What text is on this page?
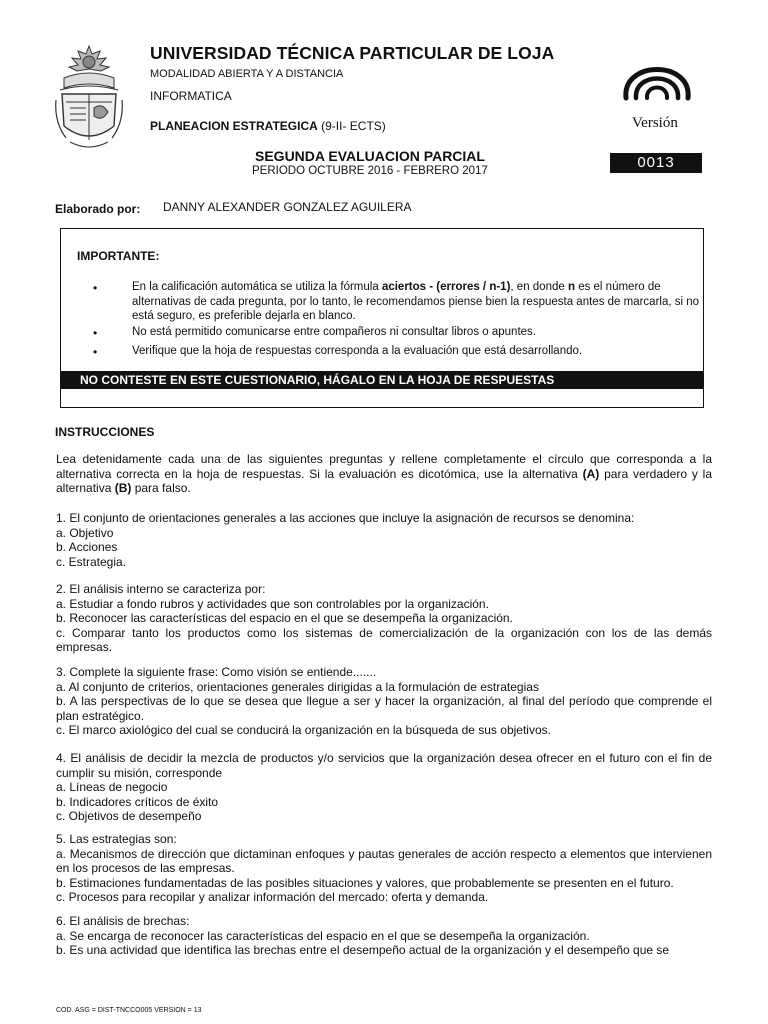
UNIVERSIDAD TÉCNICA PARTICULAR DE LOJA
MODALIDAD ABIERTA Y A DISTANCIA
INFORMATICA
PLANEACION ESTRATEGICA (9-II- ECTS)	Versión
0013
SEGUNDA EVALUACION PARCIAL
PERIODO OCTUBRE 2016 - FEBRERO 2017
Elaborado por: DANNY ALEXANDER GONZALEZ AGUILERA
IMPORTANTE:
•	En la calificación automática se utiliza la fórmula aciertos - (errores / n-1), en donde n es el número de alternativas de cada pregunta, por lo tanto, le recomendamos piense bien la respuesta antes de marcarla, si no está seguro, es preferible dejarla en blanco.
•	No está permitido comunicarse entre compañeros ni consultar libros o apuntes.
•	Verifique que la hoja de respuestas corresponda a la evaluación que está desarrollando.
NO CONTESTE EN ESTE CUESTIONARIO, HÁGALO EN LA HOJA DE RESPUESTAS
INSTRUCCIONES
Lea detenidamente cada una de las siguientes preguntas y rellene completamente el círculo que corresponda a la alternativa correcta en la hoja de respuestas. Si la evaluación es dicotómica, use la alternativa (A) para verdadero y la alternativa (B) para falso.
1. El conjunto de orientaciones generales a las acciones que incluye la asignación de recursos se denomina:
a. Objetivo
b. Acciones
c. Estrategia.
2. El análisis interno se caracteriza por:
a. Estudiar a fondo rubros y actividades que son controlables por la organización.
b. Reconocer las características del espacio en el que se desempeña la organización.
c. Comparar tanto los productos como los sistemas de comercialización de la organización con los de las demás empresas.
3. Complete la siguiente frase: Como visión se entiende.......
a. Al conjunto de criterios, orientaciones generales dirigidas a la formulación de estrategias
b. A las perspectivas de lo que se desea que llegue a ser y hacer la organización, al final del período que comprende el plan estratégico.
c. El marco axiológico del cual se conducirá la organización en la búsqueda de sus objetivos.
4. El análisis de decidir la mezcla de productos y/o servicios que la organización desea ofrecer en el futuro con el fin de cumplir su misión, corresponde
a. Líneas de negocio
b. Indicadores críticos de éxito
c. Objetivos de desempeño
5. Las estrategias son:
a. Mecanismos de dirección que dictaminan enfoques y pautas generales de acción respecto a elementos que intervienen en los procesos de las empresas.
b. Estimaciones fundamentadas de las posibles situaciones y valores, que probablemente se presenten en el futuro.
c. Procesos para recopilar y analizar información del mercado: oferta y demanda.
6. El análisis de brechas:
a. Se encarga de reconocer las características del espacio en el que se desempeña la organización.
b. Es una actividad que identifica las brechas entre el desempeño actual de la organización y el desempeño que se
COD. ASG = DIST-TNCCO005 VERSION = 13
